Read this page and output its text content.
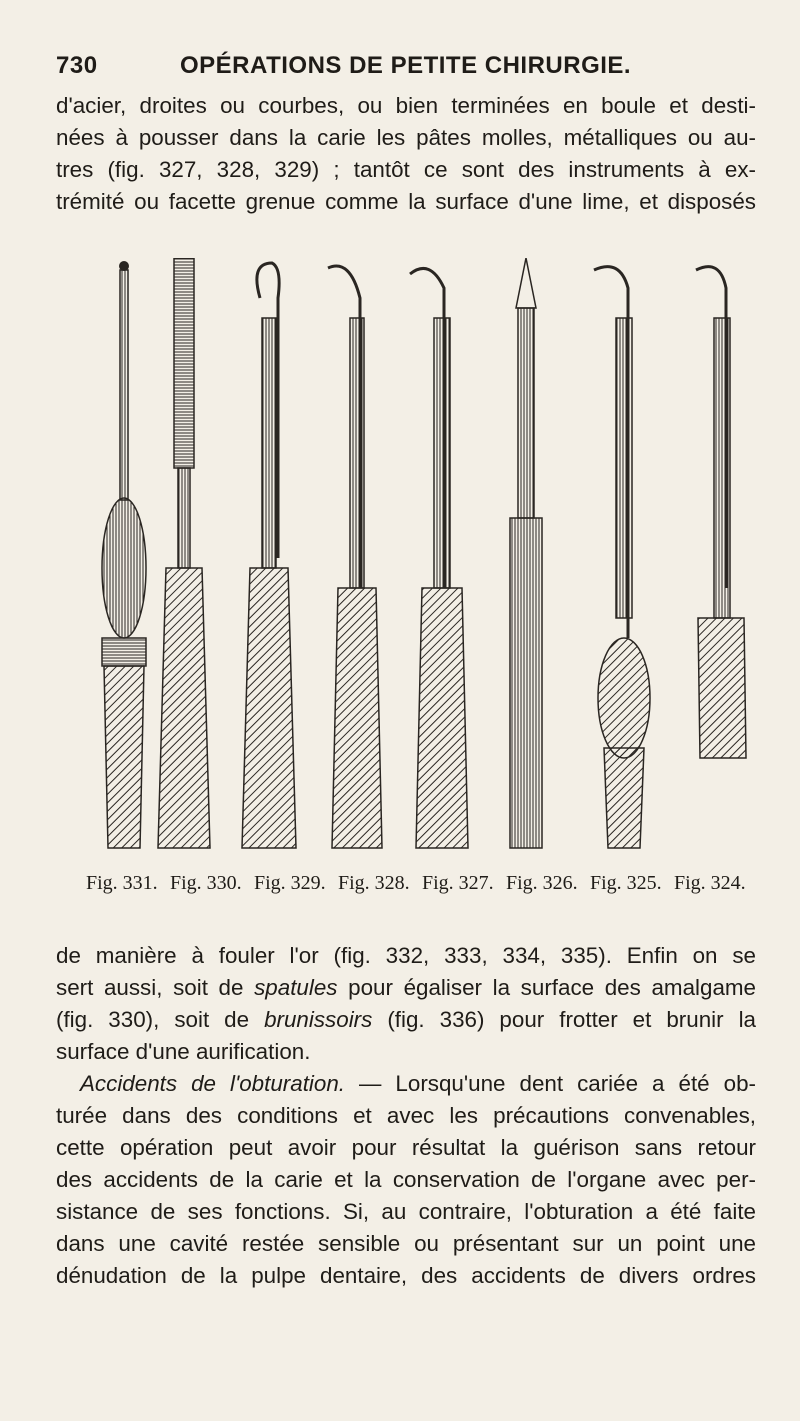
730	OPÉRATIONS DE PETITE CHIRURGIE.
d'acier, droites ou courbes, ou bien terminées en boule et desti-
nées à pousser dans la carie les pâtes molles, métalliques ou au-
tres (fig. 327, 328, 329) ; tantôt ce sont des instruments à ex-
trémité ou facette grenue comme la surface d'une lime, et disposés
Fig. 331. Fig. 330. Fig. 329. Fig. 328. Fig. 327. Fig. 326. Fig. 325. Fig. 324.
de manière à fouler l'or (fig. 332, 333, 334, 335). Enfin on se
sert aussi, soit de spatules pour égaliser la surface des amalgame
(fig. 330), soit de brunissoirs (fig. 336) pour frotter et brunir la
surface d'une aurification.
Accidents de l'obturation. — Lorsqu'une dent cariée a été ob-
turée dans des conditions et avec les précautions convenables,
cette opération peut avoir pour résultat la guérison sans retour
des accidents de la carie et la conservation de l'organe avec per-
sistance de ses fonctions. Si, au contraire, l'obturation a été faite
dans une cavité restée sensible ou présentant sur un point une
dénudation de la pulpe dentaire, des accidents de divers ordres
